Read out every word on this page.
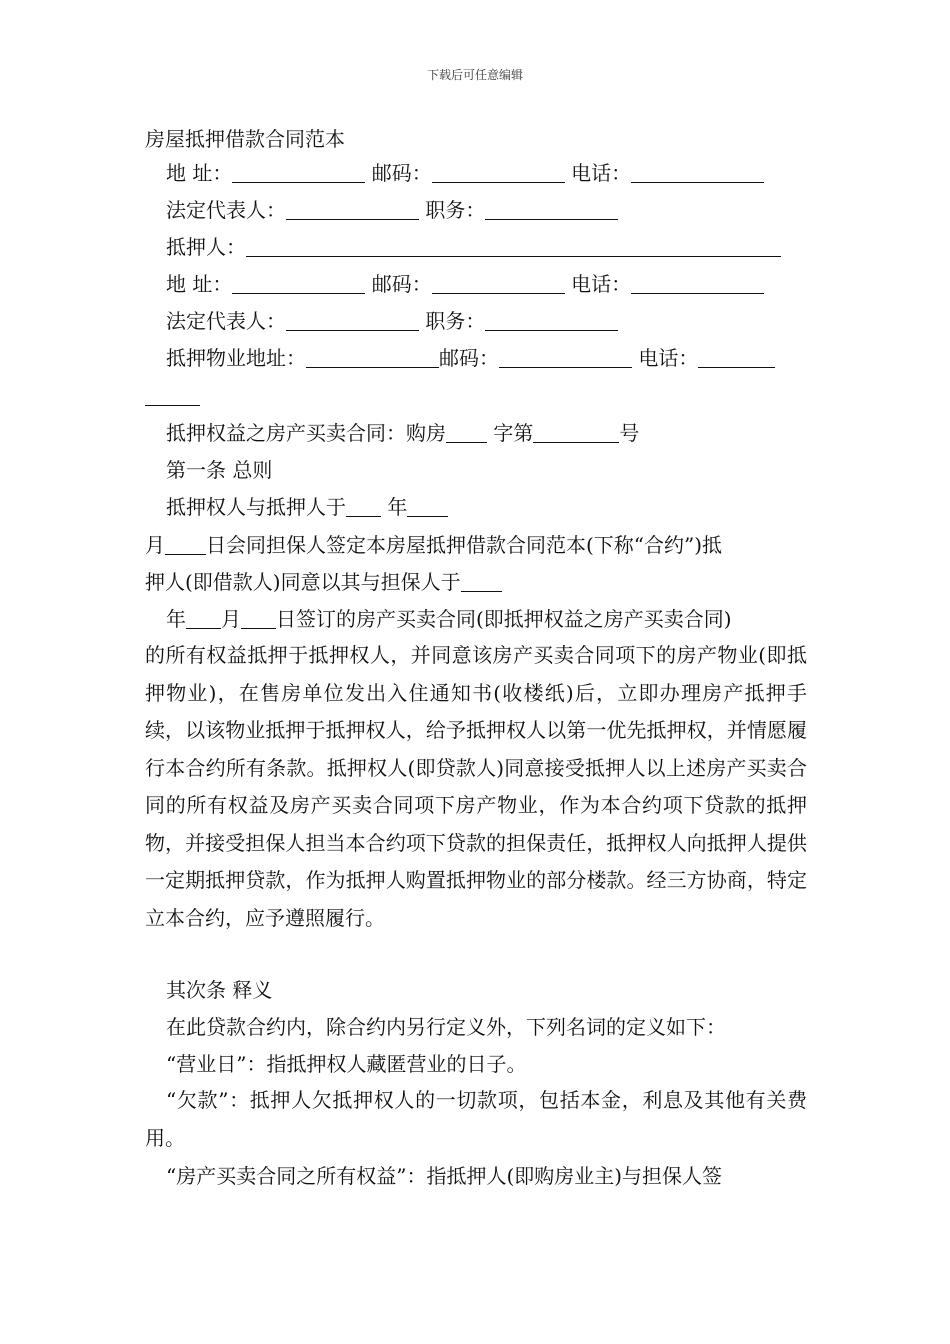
下载后可任意编辑
房屋抵押借款合同范本
地 址：	邮码：	电话：
法定代表人：	职务：
抵押人：
地 址：	邮码：	电话：
法定代表人：	职务：
抵押物业地址：	邮码：	电话：
抵押权益之房产买卖合同：购房 字第	号
第一条 总则
抵押权人与抵押人于 年
月 日会同担保人签定本房屋抵押借款合同范本(下称“合约”)抵
押人(即借款人)同意以其与担保人于
年 月 日签订的房产买卖合同(即抵押权益之房产买卖合同)

的所有权益抵押于抵押权人，并同意该房产买卖合同项下的房产物业(即抵押物业)，在售房单位发出入住通知书(收楼纸)后，立即办理房产抵押手续，以该物业抵押于抵押权人，给予抵押权人以第一优先抵押权，并情愿履行本合约所有条款。抵押权人(即贷款人)同意接受抵押人以上述房产买卖合同的所有权益及房产买卖合同项下房产物业，作为本合约项下贷款的抵押物，并接受担保人担当本合约项下贷款的担保责任，抵押权人向抵押人提供一定期抵押贷款，作为抵押人购置抵押物业的部分楼款。经三方协商，特定立本合约，应予遵照履行。

其次条 释义
在此贷款合约内，除合约内另行定义外，下列名词的定义如下：
“营业日”：指抵押权人藏匿营业的日子。

“欠款”：抵押人欠抵押权人的一切款项，包括本金，利息及其他有关费用。

“房产买卖合同之所有权益”：指抵押人(即购房业主)与担保人签
